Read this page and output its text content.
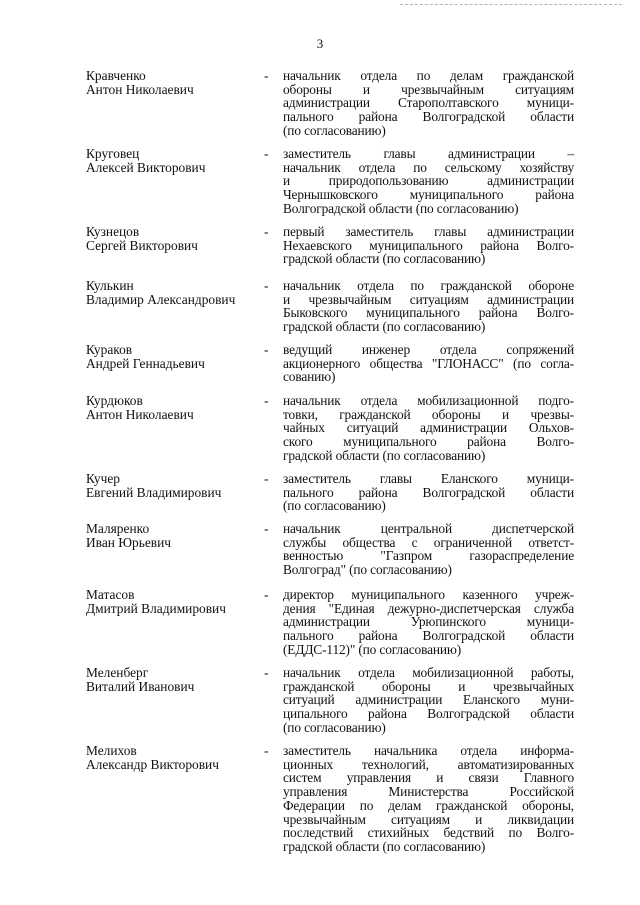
3
Кравченко
Антон Николаевич
- начальник отдела по делам гражданской
обороны и чрезвычайным ситуациям
администрации Старополтавского муници-
пального района Волгоградской области
(по согласованию)
Круговец
Алексей Викторович
- заместитель главы администрации –
начальник отдела по сельскому хозяйству
и природопользованию администрации
Чернышковского муниципального района
Волгоградской области (по согласованию)
Кузнецов
Сергей Викторович
- первый заместитель главы администрации
Нехаевского муниципального района Волго-
градской области (по согласованию)
Кулькин
Владимир Александрович
- начальник отдела по гражданской обороне
и чрезвычайным ситуациям администрации
Быковского муниципального района Волго-
градской области (по согласованию)
Кураков
Андрей Геннадьевич
- ведущий инженер отдела сопряжений
акционерного общества "ГЛОНАСС" (по согла-
сованию)
Курдюков
Антон Николаевич
- начальник отдела мобилизационной подго-
товки, гражданской обороны и чрезвы-
чайных ситуаций администрации Ольхов-
ского муниципального района Волго-
градской области (по согласованию)
Кучер
Евгений Владимирович
- заместитель главы Еланского муници-
пального района Волгоградской области
(по согласованию)
Маляренко
Иван Юрьевич
- начальник центральной диспетчерской
службы общества с ограниченной ответст-
венностью "Газпром газораспределение
Волгоград" (по согласованию)
Матасов
Дмитрий Владимирович
- директор муниципального казенного учреж-
дения "Единая дежурно-диспетчерская служба
администрации Урюпинского муници-
пального района Волгоградской области
(ЕДДС-112)" (по согласованию)
Меленберг
Виталий Иванович
- начальник отдела мобилизационной работы,
гражданской обороны и чрезвычайных
ситуаций администрации Еланского муни-
ципального района Волгоградской области
(по согласованию)
Мелихов
Александр Викторович
- заместитель начальника отдела информа-
ционных технологий, автоматизированных
систем управления и связи Главного
управления Министерства Российской
Федерации по делам гражданской обороны,
чрезвычайным ситуациям и ликвидации
последствий стихийных бедствий по Волго-
градской области (по согласованию)
